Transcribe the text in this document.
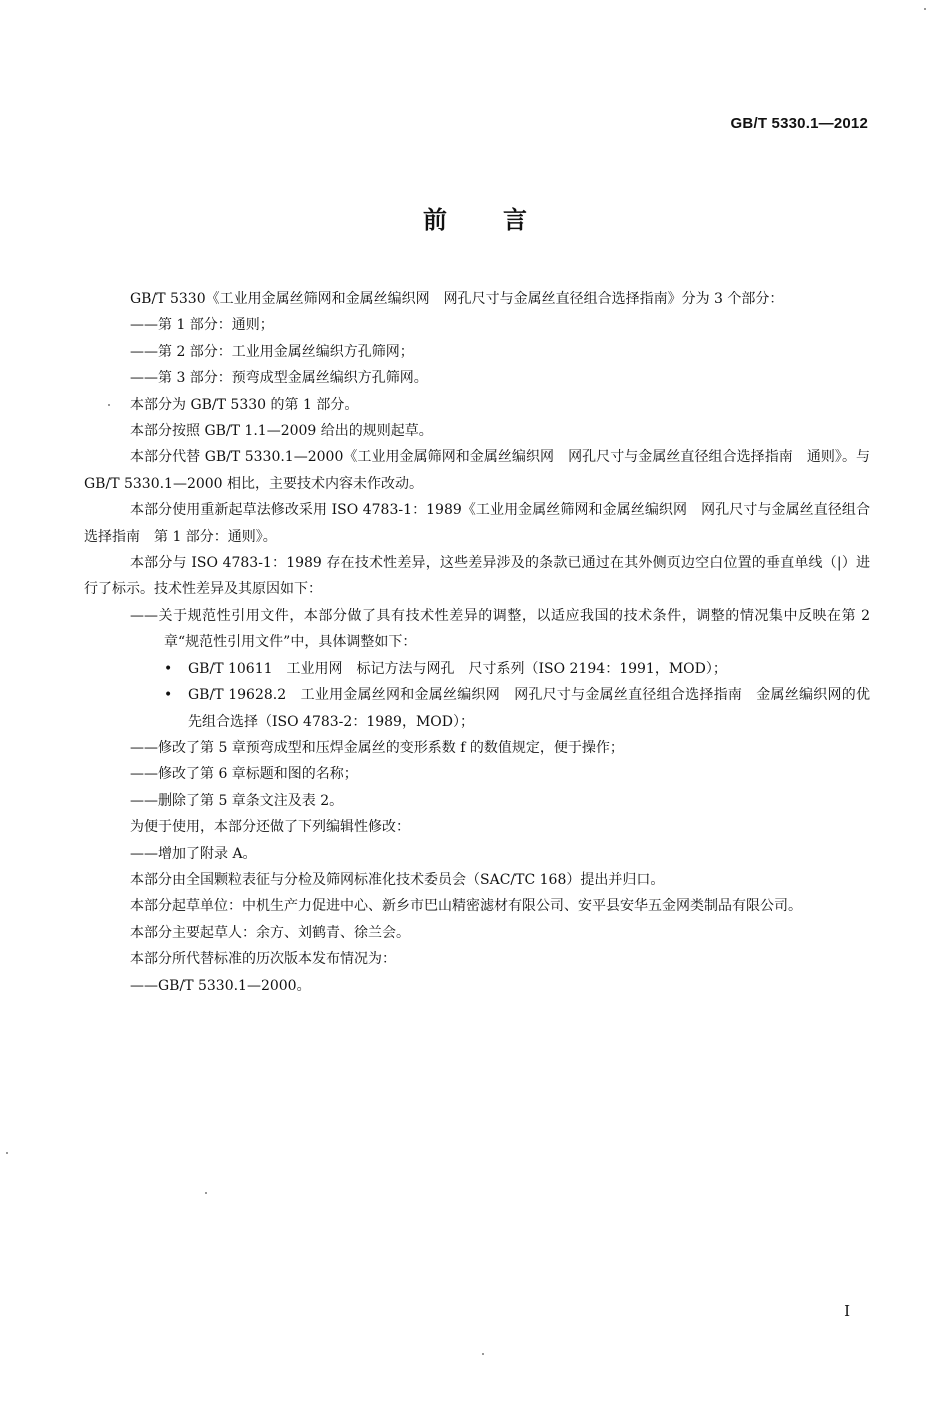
GB/T 5330.1—2012
前言

GB/T 5330《工业用金属丝筛网和金属丝编织网　网孔尺寸与金属丝直径组合选择指南》分为 3 个部分：

——第 1 部分：通则；

——第 2 部分：工业用金属丝编织方孔筛网；

——第 3 部分：预弯成型金属丝编织方孔筛网。

本部分为 GB/T 5330 的第 1 部分。

本部分按照 GB/T 1.1—2009 给出的规则起草。

本部分代替 GB/T 5330.1—2000《工业用金属筛网和金属丝编织网　网孔尺寸与金属丝直径组合选择指南　通则》。与 GB/T 5330.1—2000 相比，主要技术内容未作改动。

本部分使用重新起草法修改采用 ISO 4783-1：1989《工业用金属丝筛网和金属丝编织网　网孔尺寸与金属丝直径组合选择指南　第 1 部分：通则》。

本部分与 ISO 4783-1：1989 存在技术性差异，这些差异涉及的条款已通过在其外侧页边空白位置的垂直单线（|）进行了标示。技术性差异及其原因如下：

——关于规范性引用文件，本部分做了具有技术性差异的调整，以适应我国的技术条件，调整的情况集中反映在第 2 章“规范性引用文件”中，具体调整如下：

• GB/T 10611　工业用网　标记方法与网孔　尺寸系列（ISO 2194：1991，MOD）；

• GB/T 19628.2　工业用金属丝网和金属丝编织网　网孔尺寸与金属丝直径组合选择指南　金属丝编织网的优先组合选择（ISO 4783-2：1989，MOD）；

——修改了第 5 章预弯成型和压焊金属丝的变形系数 f 的数值规定，便于操作；

——修改了第 6 章标题和图的名称；

——删除了第 5 章条文注及表 2。

为便于使用，本部分还做了下列编辑性修改：

——增加了附录 A。

本部分由全国颗粒表征与分检及筛网标准化技术委员会（SAC/TC 168）提出并归口。

本部分起草单位：中机生产力促进中心、新乡市巴山精密滤材有限公司、安平县安华五金网类制品有限公司。

本部分主要起草人：余方、刘鹤青、徐兰会。

本部分所代替标准的历次版本发布情况为：

——GB/T 5330.1—2000。

I
